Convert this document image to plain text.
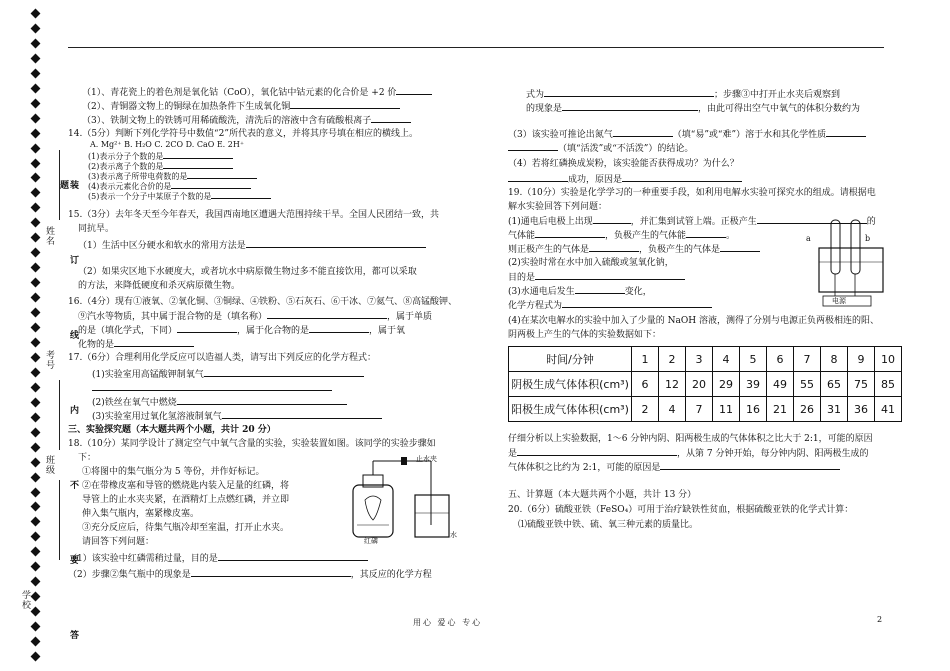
姓名
考号
班级
学校	装 订 线 内 不 要 答 题
（1）、青花瓷上的着色剂是氧化钴（CoO），氧化钴中钴元素的化合价是 +2 价
（2）、青铜器文物上的铜绿在加热条件下生成氧化铜
（3）、铁制文物上的铁锈可用稀硫酸洗，清洗后的溶液中含有硫酸根离子
14.（5分）判断下列化学符号中数值“2”所代表的意义，并将其序号填在相应的横线上。
A. Mg²⁺ B. H₂O C. 2CO D. CaO E. 2H⁺
(1)表示分子个数的是
(2)表示离子个数的是
(3)表示离子所带电荷数的是
(4)表示元素化合价的是
(5)表示一个分子中某原子个数的是
15.（3分）去年冬天至今年春天，我国西南地区遭遇大范围持续干旱。全国人民团结一致，共
同抗旱。
（1）生活中区分硬水和软水的常用方法是
（2）如果灾区地下水硬度大，或者坑水中病原微生物过多不能直接饮用，都可以采取
的方法，来降低硬度和杀灭病原微生物。
16.（4分）现有①液氧、②氧化铜、③铜绿、④铁粉、⑤石灰石、⑥干冰、⑦氦气、⑧高锰酸钾、
⑨汽水等物质，其中属于混合物的是（填名称）	，属于单质
的是（填化学式，下同）	，属于化合物的是	，属于氧
化物的是
17.（6分）合理利用化学反应可以造福人类，请写出下列反应的化学方程式：
(1)实验室用高锰酸钾制氧气
(2)铁丝在氧气中燃烧
(3)实验室用过氧化氢溶液制氧气
三、实验探究题（本大题共两个小题，共计 20 分）
18.（10分）某同学设计了测定空气中氧气含量的实验，实验装置如图。该同学的实验步骤如
下：
①将图中的集气瓶分为 5 等份，并作好标记。
②在带橡皮塞和导管的燃烧匙内装入足量的红磷，将
导管上的止水夹夹紧，在酒精灯上点燃红磷，并立即
伸入集气瓶内，塞紧橡皮塞。
③充分反应后，待集气瓶冷却至室温，打开止水夹。
请回答下列问题：
（1）该实验中红磷需稍过量，目的是
（2）步骤②集气瓶中的现象是	，其反应的化学方程
止水夹
红磷
水
式为	；步骤③中打开止水夹后观察到
的现象是	，由此可得出空气中氧气的体积分数约为
（3）该实验可推论出氮气	（填“易”或“难”）溶于水和其化学性质
（填“活泼”或“不活泼”）的结论。
（4）若将红磷换成炭粉，该实验能否获得成功？为什么？
成功，原因是
19.（10分）实验是化学学习的一种重要手段，如利用电解水实验可探究水的组成。请根据电
解水实验回答下列问题：
(1)通电后电极上出现	，并汇集到试管上端。正极产生	的
气体能	，负极产生的气体能	。
则正极产生的气体是	，负极产生的气体是
(2)实验时常在水中加入硫酸或氢氧化钠，
目的是
(3)水通电后发生	变化，
化学方程式为
(4)在某次电解水的实验中加入了少量的 NaOH 溶液，测得了分别与电源正负两极相连的阳、
阴两极上产生的气体的实验数据如下：
a	b
电源
仔细分析以上实验数据，1～6 分钟内阴、阳两极生成的气体体积之比大于 2:1，可能的原因
是	，从第 7 分钟开始，每分钟内阴、阳两极生成的
气体体积之比约为 2:1，可能的原因是
五、计算题（本大题共两个小题，共计 13 分）
20.（6分）硫酸亚铁（FeSO₄）可用于治疗缺铁性贫血，根据硫酸亚铁的化学式计算：
⑴硫酸亚铁中铁、硫、氧三种元素的质量比。
时间/分钟	1	2	3	4	5	6	7	8	9	10
阴极生成气体体积(cm³)	6	12	20	29	39	49	55	65	75	85
阳极生成气体体积(cm³)	2	4	7	11	16	21	26	31	36	41
用心 爱心 专心	2
